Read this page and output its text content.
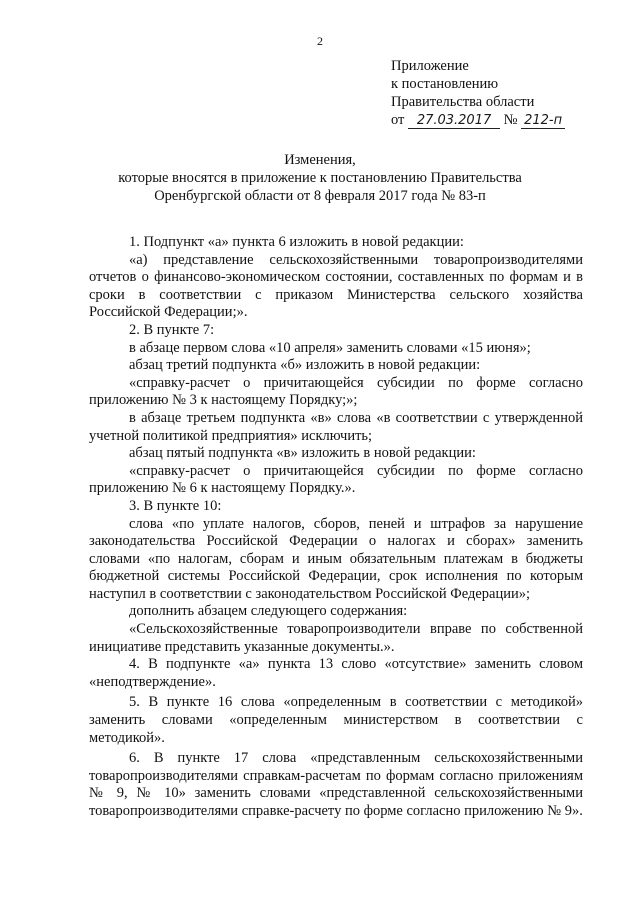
2
Приложение
к постановлению
Правительства области
от 27.03.2017 № 212-п
Изменения,
которые вносятся в приложение к постановлению Правительства
Оренбургской области от 8 февраля 2017 года № 83-п

1. Подпункт «а» пункта 6 изложить в новой редакции:

«а) представление сельскохозяйственными товаропроизводителями отчетов о финансово-экономическом состоянии, составленных по формам и в сроки в соответствии с приказом Министерства сельского хозяйства Российской Федерации;».

2. В пункте 7:

в абзаце первом слова «10 апреля» заменить словами «15 июня»;

абзац третий подпункта «б» изложить в новой редакции:

«справку-расчет о причитающейся субсидии по форме согласно приложению № 3 к настоящему Порядку;»;

в абзаце третьем подпункта «в» слова «в соответствии с утвержденной учетной политикой предприятия» исключить;

абзац пятый подпункта «в» изложить в новой редакции:

«справку-расчет о причитающейся субсидии по форме согласно приложению № 6 к настоящему Порядку.».

3. В пункте 10:

слова «по уплате налогов, сборов, пеней и штрафов за нарушение законодательства Российской Федерации о налогах и сборах» заменить словами «по налогам, сборам и иным обязательным платежам в бюджеты бюджетной системы Российской Федерации, срок исполнения по которым наступил в соответствии с законодательством Российской Федерации»;

дополнить абзацем следующего содержания:

«Сельскохозяйственные товаропроизводители вправе по собственной инициативе представить указанные документы.».

4. В подпункте «а» пункта 13 слово «отсутствие» заменить словом «неподтверждение».

5. В пункте 16 слова «определенным в соответствии с методикой» заменить словами «определенным министерством в соответствии с методикой».

6. В пункте 17 слова «представленным сельскохозяйственными товаропроизводителями справкам-расчетам по формам согласно приложениям № 9, № 10» заменить словами «представленной сельскохозяйственными товаропроизводителями справке-расчету по форме согласно приложению № 9».
